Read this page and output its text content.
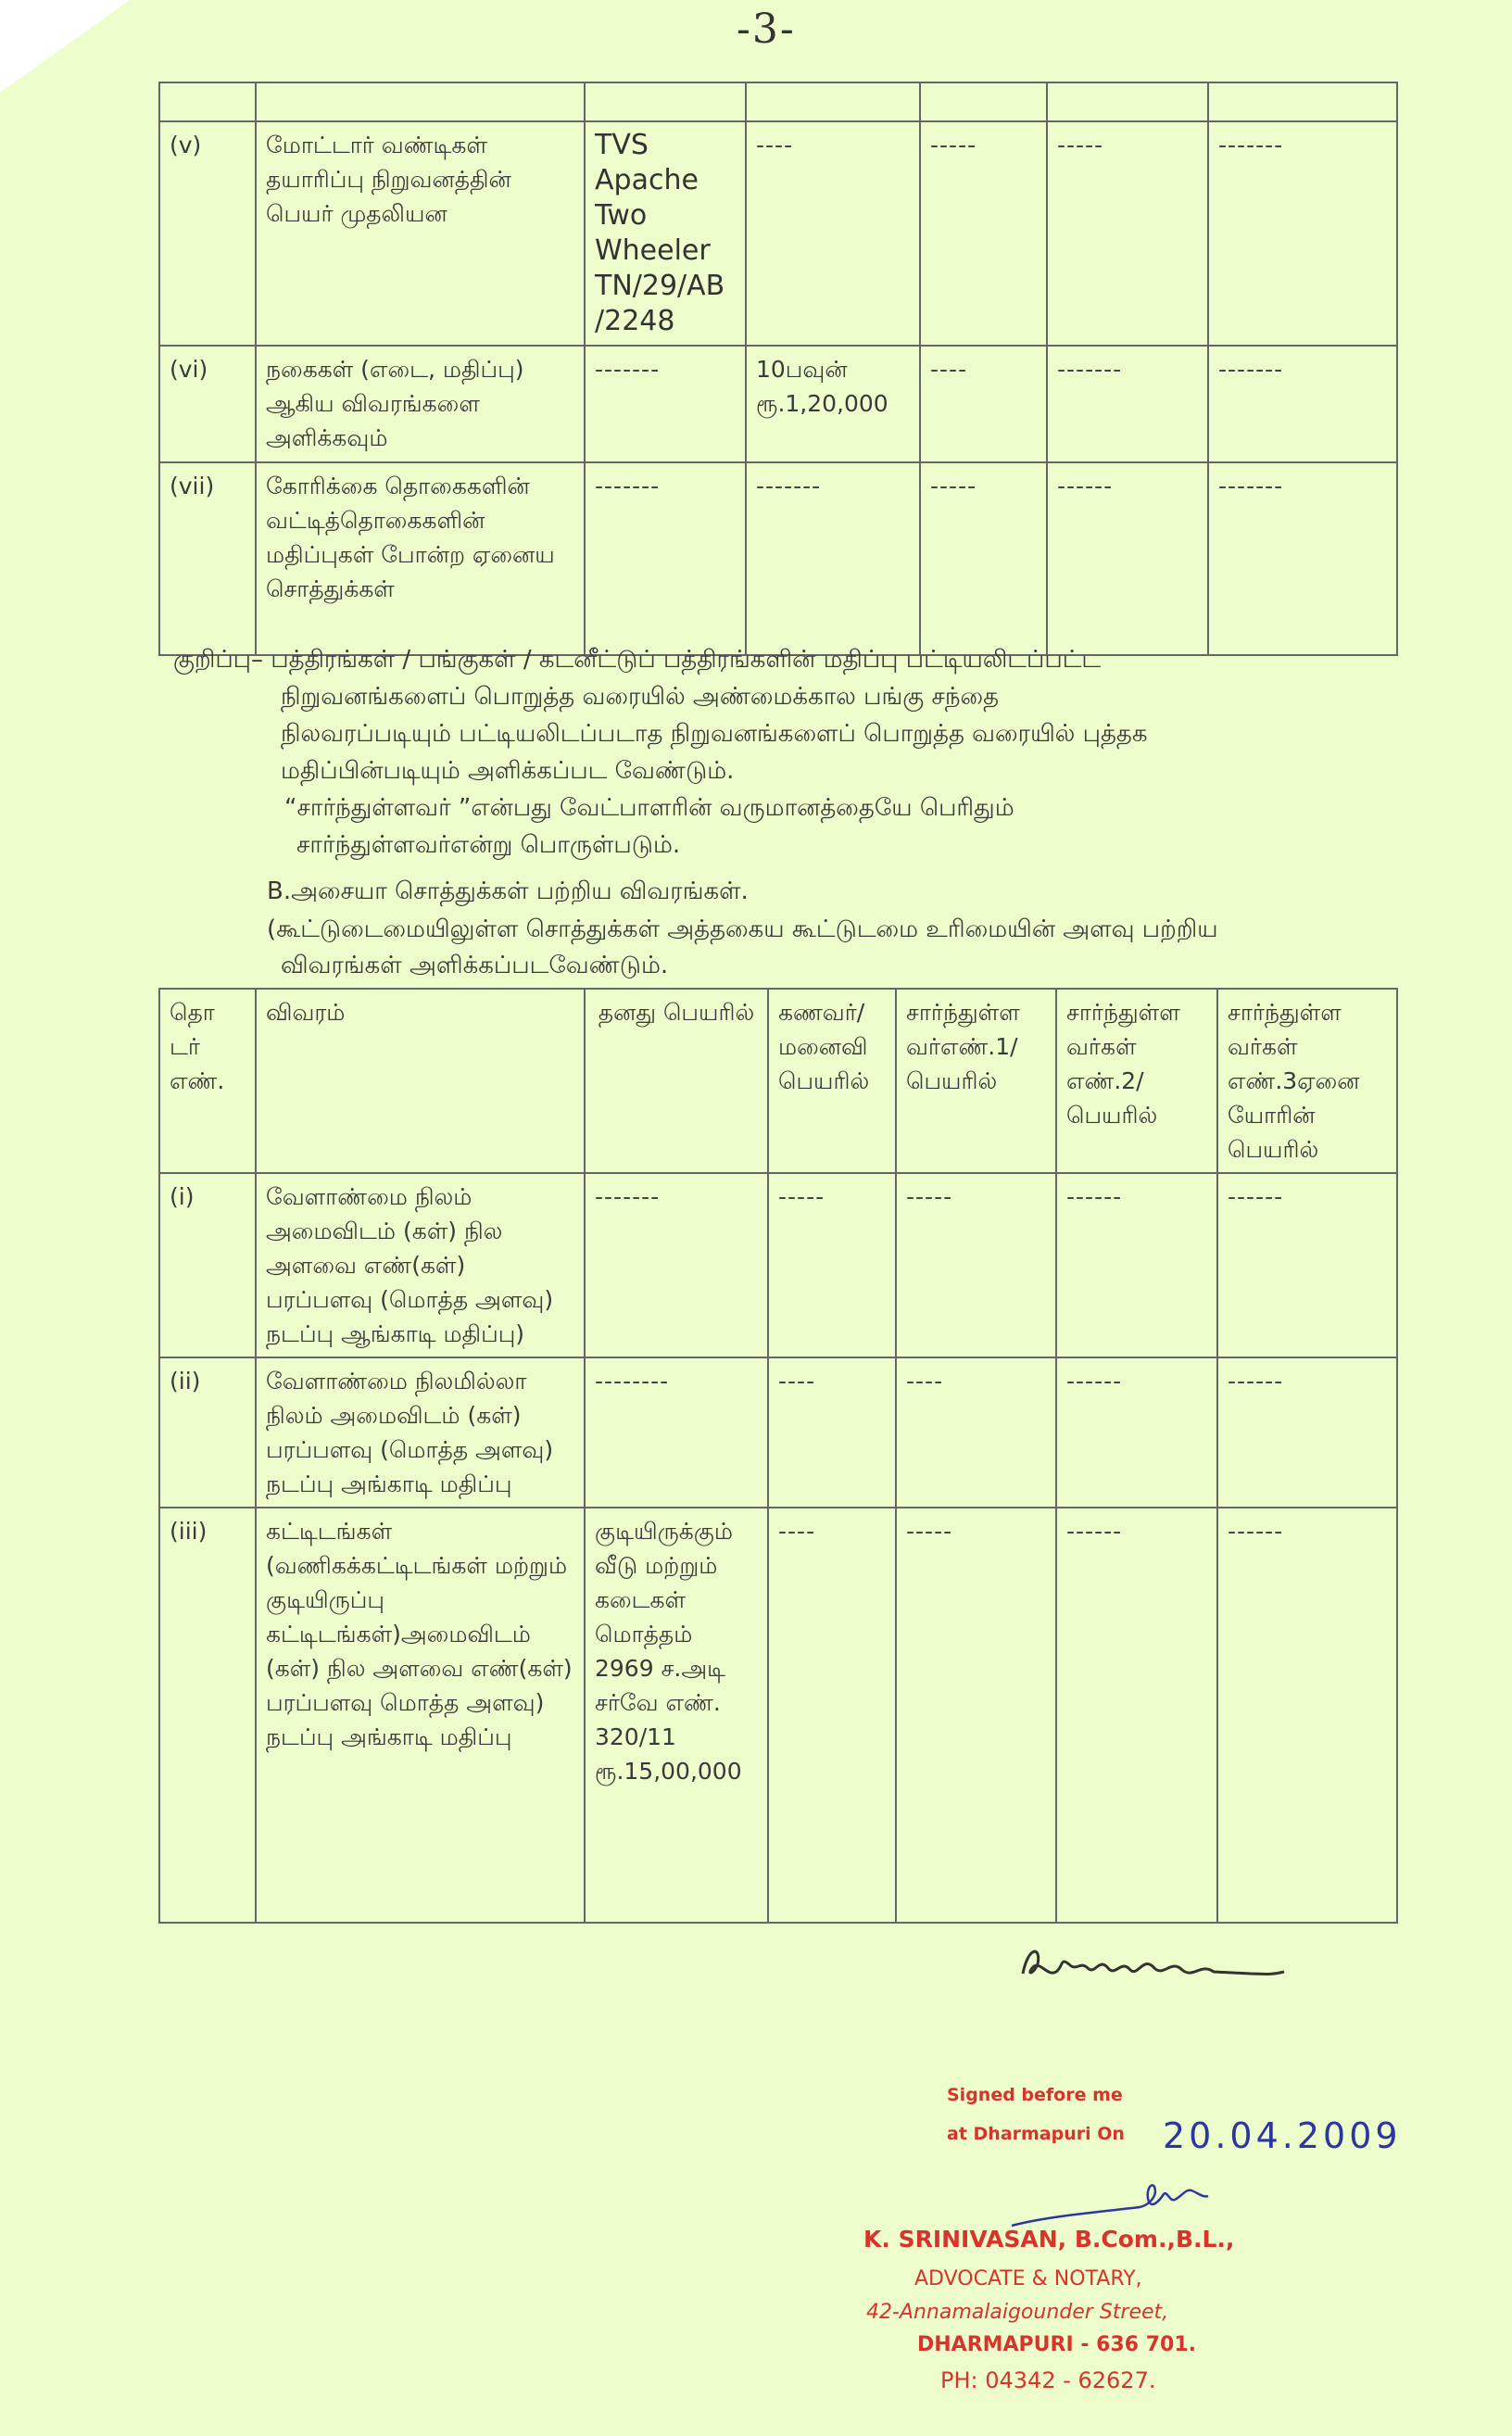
-3-

(v)	மோட்டார் வண்டிகள் தயாரிப்பு நிறுவனத்தின் பெயர் முதலியன	TVS Apache Two Wheeler TN/29/AB /2248	----	-----	-----	-------
(vi)	நகைகள் (எடை, மதிப்பு) ஆகிய விவரங்களை அளிக்கவும்	-------	10பவுன் ரூ.1,20,000	----	-------	-------
(vii)	கோரிக்கை தொகைகளின் வட்டித்தொகைகளின் மதிப்புகள் போன்ற ஏனைய சொத்துக்கள்	-------	-------	-----	------	-------
குறிப்பு– பத்திரங்கள் / பங்குகள் / கடனீட்டுப் பத்திரங்களின் மதிப்பு பட்டியலிடப்பட்ட
நிறுவனங்களைப் பொறுத்த வரையில் அண்மைக்கால பங்கு சந்தை
நிலவரப்படியும் பட்டியலிடப்படாத நிறுவனங்களைப் பொறுத்த வரையில் புத்தக
மதிப்பின்படியும் அளிக்கப்பட வேண்டும்.
“சார்ந்துள்ளவர் ”என்பது வேட்பாளரின் வருமானத்தையே பெரிதும்
சார்ந்துள்ளவர்என்று பொருள்படும்.
B.அசையா சொத்துக்கள் பற்றிய விவரங்கள்.
(கூட்டுடைமையிலுள்ள சொத்துக்கள் அத்தகைய கூட்டுடமை உரிமையின் அளவு பற்றிய
விவரங்கள் அளிக்கப்படவேண்டும்.
தொ டர் எண்.	விவரம்	தனது பெயரில்	கணவர்/ மனைவி பெயரில்	சார்ந்துள்ள வர்எண்.1/ பெயரில்	சார்ந்துள்ள வர்கள் எண்.2/ பெயரில்	சார்ந்துள்ள வர்கள் எண்.3ஏனை யோரின் பெயரில்
(i)	வேளாண்மை நிலம் அமைவிடம் (கள்) நில அளவை எண்(கள்) பரப்பளவு (மொத்த அளவு) நடப்பு ஆங்காடி மதிப்பு)	-------	-----	-----	------	------
(ii)	வேளாண்மை நிலமில்லா நிலம் அமைவிடம் (கள்) பரப்பளவு (மொத்த அளவு) நடப்பு அங்காடி மதிப்பு	--------	----	----	------	------
(iii)	கட்டிடங்கள் (வணிகக்கட்டிடங்கள் மற்றும் குடியிருப்பு கட்டிடங்கள்)அமைவிடம் (கள்) நில அளவை எண்(கள்) பரப்பளவு மொத்த அளவு) நடப்பு அங்காடி மதிப்பு	குடியிருக்கும் வீடு மற்றும் கடைகள் மொத்தம் 2969 ச.அடி சர்வே எண். 320/11 ரூ.15,00,000	----	-----	------	------
Signed before me
at Dharmapuri On 20.04.2009
K. SRINIVASAN, B.Com.,B.L.,
ADVOCATE & NOTARY,
42-Annamalaigounder Street,
DHARMAPURI - 636 701.
PH: 04342 - 62627.
